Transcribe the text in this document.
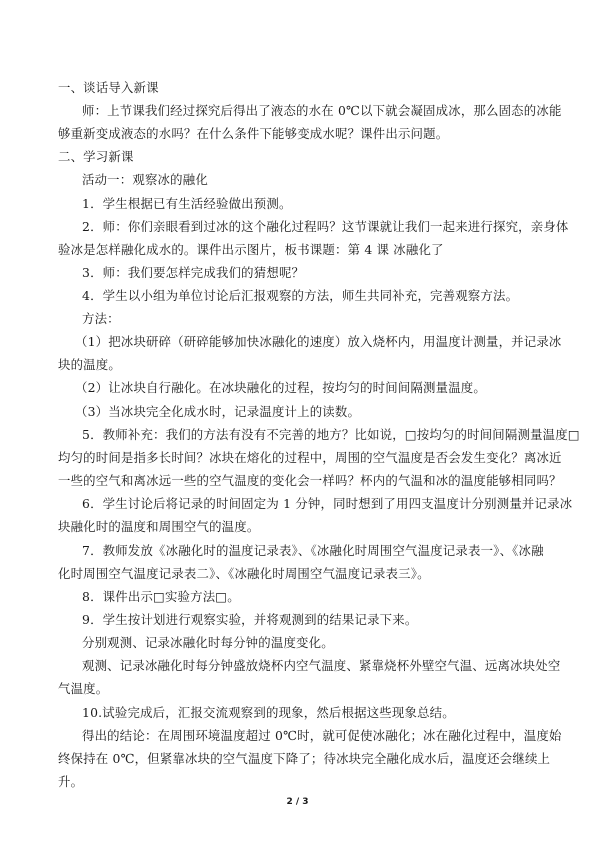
一、谈话导入新课
师：上节课我们经过探究后得出了液态的水在 0℃以下就会凝固成冰，那么固态的冰能
够重新变成液态的水吗？在什么条件下能够变成水呢？课件出示问题。
二、学习新课
活动一：观察冰的融化
1．学生根据已有生活经验做出预测。
2．师：你们亲眼看到过冰的这个融化过程吗？这节课就让我们一起来进行探究，亲身体
验冰是怎样融化成水的。课件出示图片，板书课题：第 4 课 冰融化了
3．师：我们要怎样完成我们的猜想呢？
4．学生以小组为单位讨论后汇报观察的方法，师生共同补充，完善观察方法。
方法：
（1）把冰块研碎（研碎能够加快冰融化的速度）放入烧杯内，用温度计测量，并记录冰
块的温度。
（2）让冰块自行融化。在冰块融化的过程，按均匀的时间间隔测量温度。
（3）当冰块完全化成水时，记录温度计上的读数。
5．教师补充：我们的方法有没有不完善的地方？比如说，□按均匀的时间间隔测量温度□
均匀的时间是指多长时间？冰块在熔化的过程中，周围的空气温度是否会发生变化？离冰近
一些的空气和离冰远一些的空气温度的变化会一样吗？杯内的气温和冰的温度能够相同吗？
6．学生讨论后将记录的时间固定为 1 分钟，同时想到了用四支温度计分别测量并记录冰
块融化时的温度和周围空气的温度。
7．教师发放《冰融化时的温度记录表》、《冰融化时周围空气温度记录表一》、《冰融
化时周围空气温度记录表二》、《冰融化时周围空气温度记录表三》。
8．课件出示□实验方法□。
9．学生按计划进行观察实验，并将观测到的结果记录下来。
分别观测、记录冰融化时每分钟的温度变化。
观测、记录冰融化时每分钟盛放烧杯内空气温度、紧靠烧杯外壁空气温、远离冰块处空
气温度。
10.试验完成后，汇报交流观察到的现象，然后根据这些现象总结。
得出的结论：在周围环境温度超过 0℃时，就可促使冰融化；冰在融化过程中，温度始
终保持在 0℃，但紧靠冰块的空气温度下降了；待冰块完全融化成水后，温度还会继续上
升。
2 / 3
